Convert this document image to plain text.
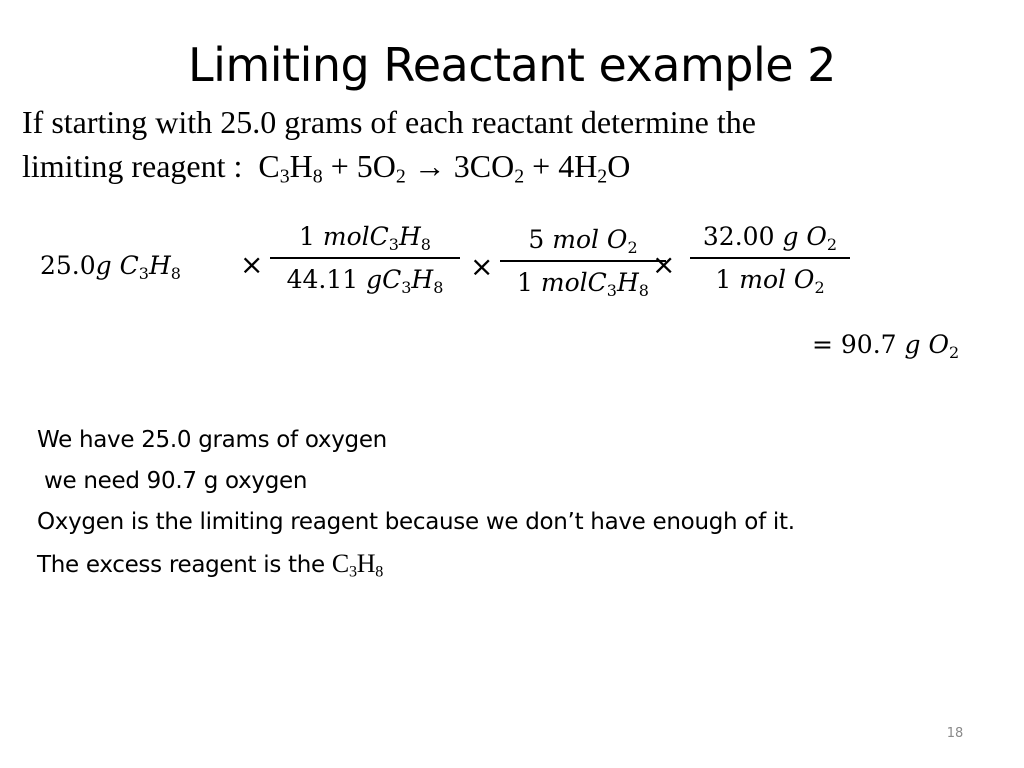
Limiting Reactant example 2
If starting with 25.0 grams of each reactant determine the
limiting reagent : $C_3H_8 + 5O_2 \to 3CO_2 + 4H_2O$
25.0g $C_3H_8$ ×
1 $molC_3H_8$
44.11 $gC_3H_8$
×
5 mol $O_2$
1 $molC_3H_8$
×
32.00 g $O_2$
1 mol $O_2$
= 90.7 g $O_2$
We have 25.0 grams of oxygen
we need 90.7 g oxygen
Oxygen is the limiting reagent because we don’t have enough of it.
The excess reagent is the $C_3H_8$
18
